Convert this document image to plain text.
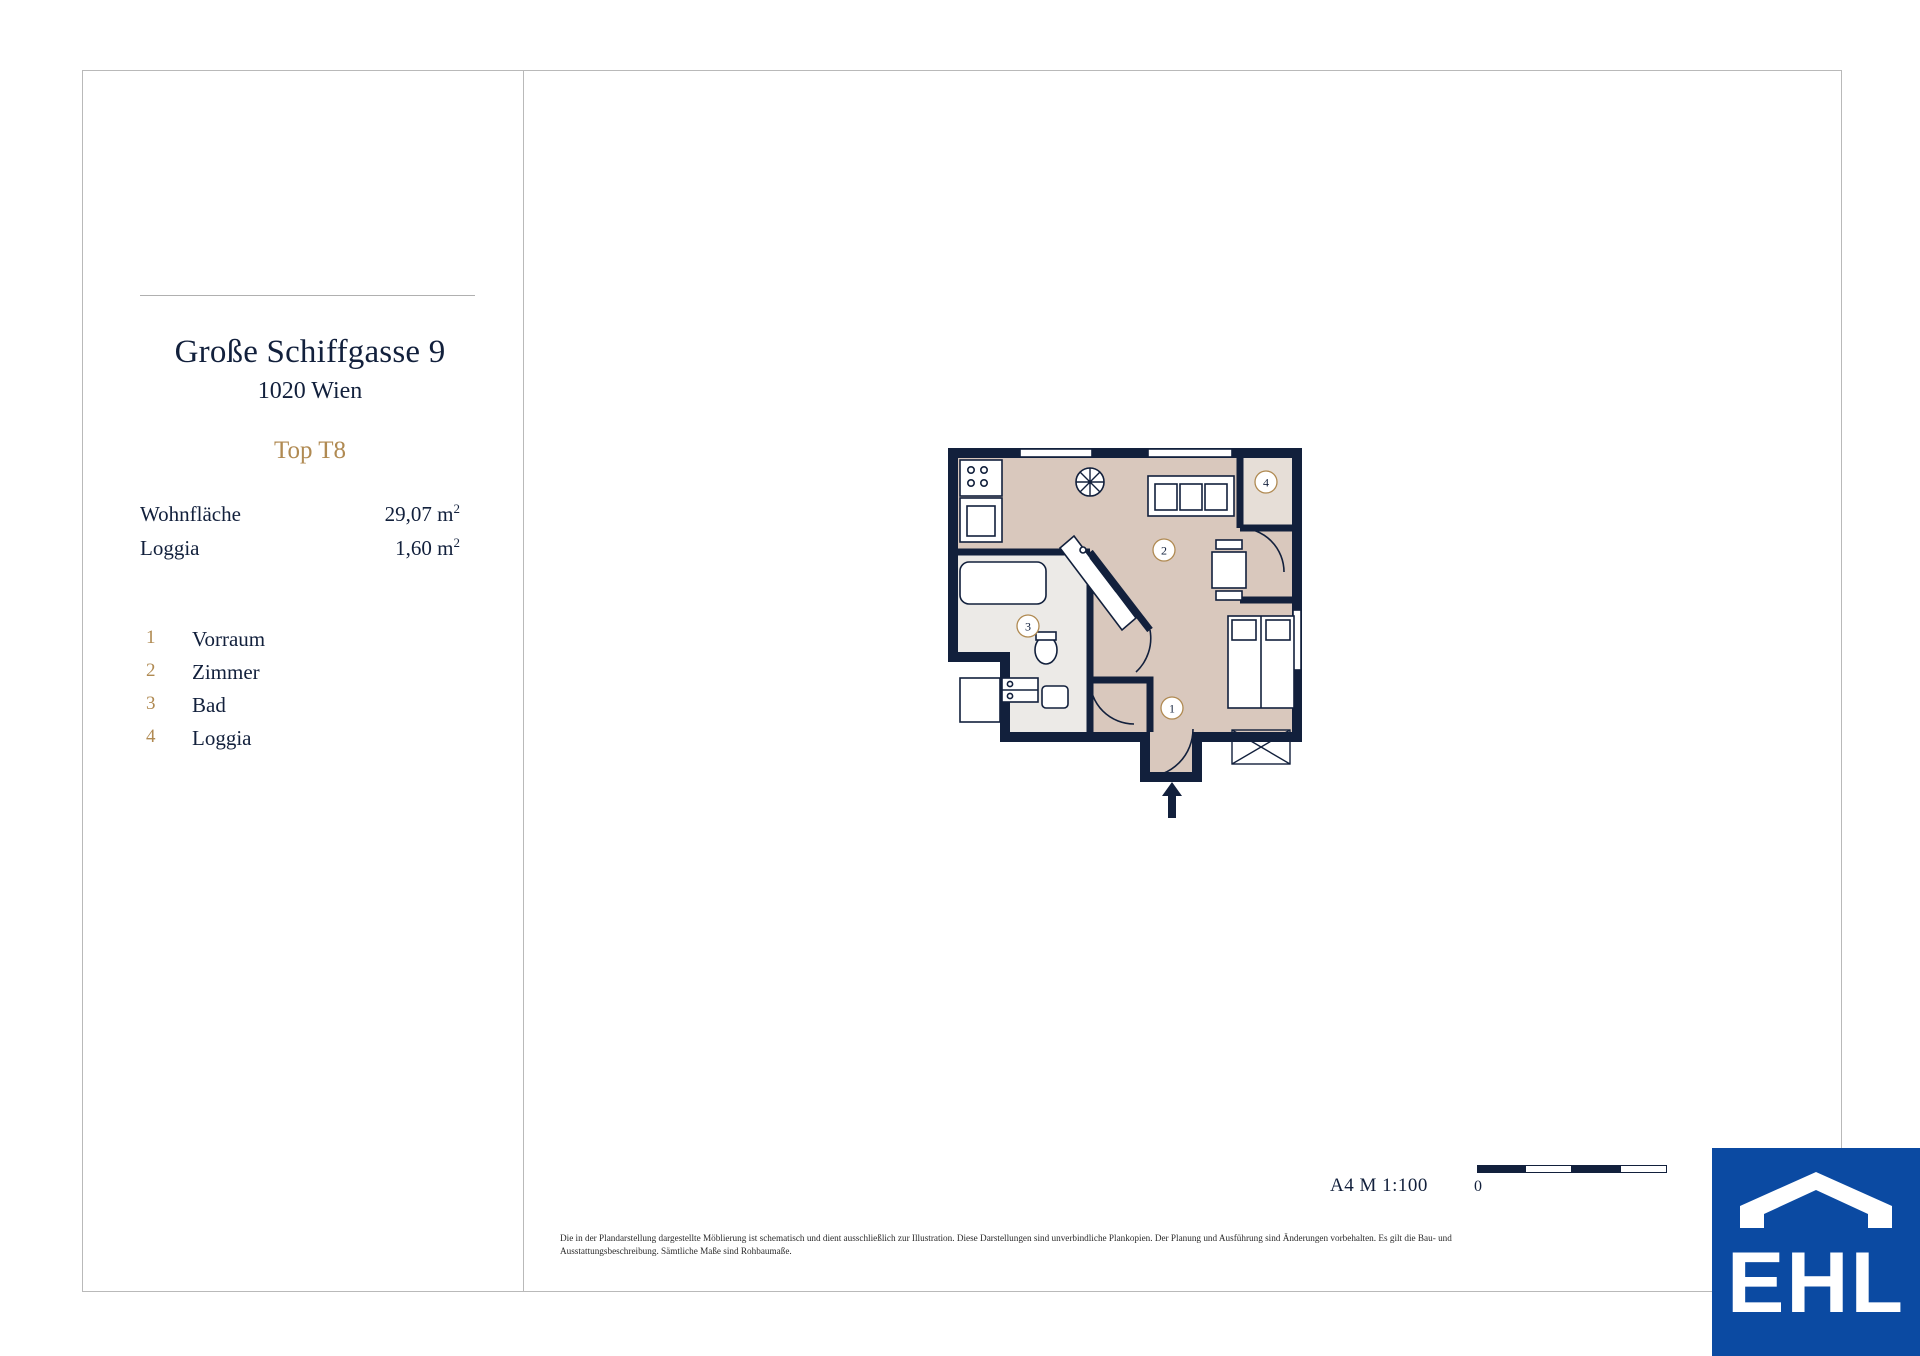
Große Schiffgasse 9
1020 Wien
Top T8
Wohnfläche	29,07 $m^2$
Loggia	1,60 $m^2$
1	Vorraum
2	Zimmer
3	Bad
4	Loggia
1
2
3
4
A4 M 1:100	0
Die in der Plandarstellung dargestellte Möblierung ist schematisch und dient ausschließlich zur Illustration. Diese Darstellungen sind unverbindliche Plankopien. Der Planung und Ausführung sind Änderungen vorbehalten. Es gilt die Bau- und Ausstattungsbeschreibung. Sämtliche Maße sind Rohbaumaße.	EHL
